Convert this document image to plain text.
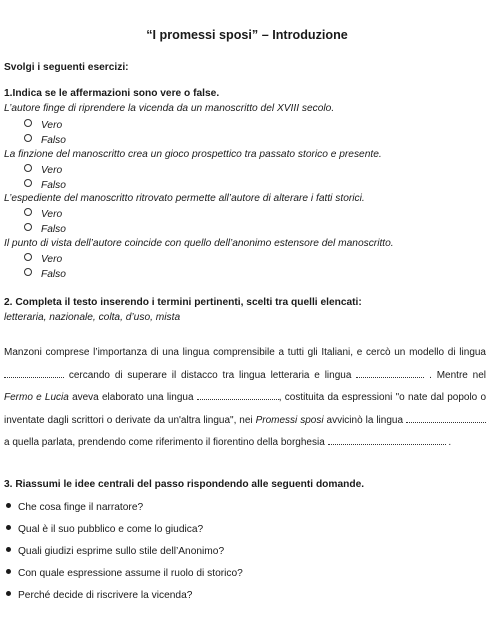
“I promessi sposi” – Introduzione
Svolgi i seguenti esercizi:
1.Indica se le affermazioni sono vere o false.
L’autore finge di riprendere la vicenda da un manoscritto del XVIII secolo.
Vero
Falso
La finzione del manoscritto crea un gioco prospettico tra passato storico e presente.
Vero
Falso
L’espediente del manoscritto ritrovato permette all’autore di alterare i fatti storici.
Vero
Falso
Il punto di vista dell’autore coincide con quello dell’anonimo estensore del manoscritto.
Vero
Falso
2. Completa il testo inserendo i termini pertinenti, scelti tra quelli elencati:
letteraria, nazionale, colta, d’uso, mista
Manzoni comprese l’importanza di una lingua comprensibile a tutti gli Italiani, e cercò un modello di lingua  cercando di superare il distacco tra lingua letteraria e lingua	. Mentre nel Fermo e Lucia aveva elaborato una lingua	, costituita da espressioni "o nate dal popolo o inventate dagli scrittori o derivate da un'altra lingua", nei Promessi sposi avvicinò la lingua  a quella parlata, prendendo come riferimento il fiorentino della borghesia	.
3. Riassumi le idee centrali del passo rispondendo alle seguenti domande.
Che cosa finge il narratore?
Qual è il suo pubblico e come lo giudica?
Quali giudizi esprime sullo stile dell’Anonimo?
Con quale espressione assume il ruolo di storico?
Perché decide di riscrivere la vicenda?
